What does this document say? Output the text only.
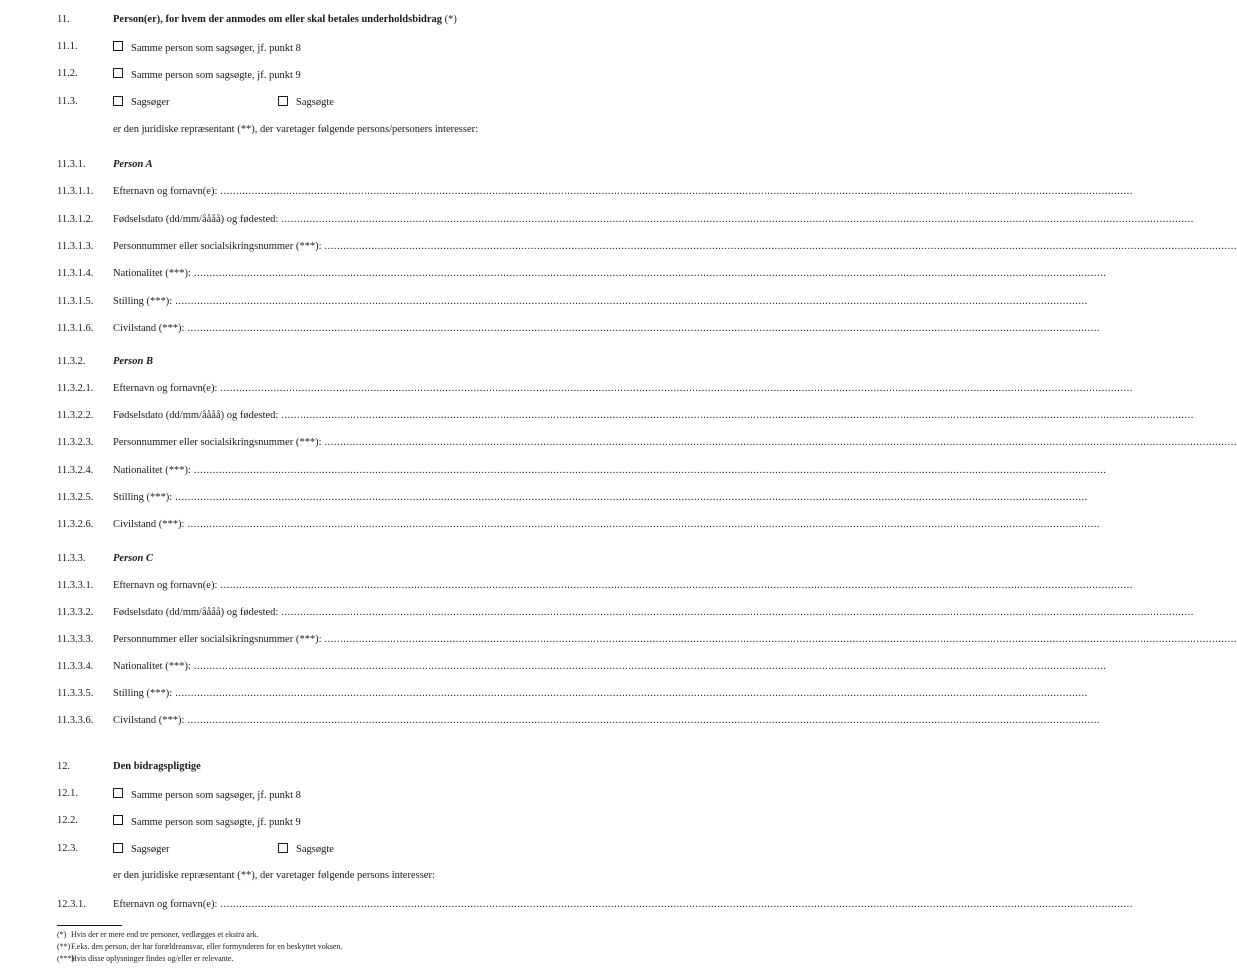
11.	Person(er), for hvem der anmodes om eller skal betales underholdsbidrag
(*)
11.1.	Samme person som sagsøger, jf. punkt 8
11.2.	Samme person som sagsøgte, jf. punkt 9
11.3.	Sagsøger	Sagsøgte
er den juridiske repræsentant (**), der varetager følgende persons/personers interesser:
11.3.1.	Person A
11.3.1.1. Efternavn og fornavn(e): ....................................................................................................................................................................................................................................................................................................
11.3.1.2. Fødselsdato (dd/mm/åååå) og fødested: ....................................................................................................................................................................................................................................................................................................
11.3.1.3. Personnummer eller socialsikringsnummer (***): ....................................................................................................................................................................................................................................................................................................
11.3.1.4. Nationalitet (***): ....................................................................................................................................................................................................................................................................................................
11.3.1.5. Stilling (***): ....................................................................................................................................................................................................................................................................................................
11.3.1.6. Civilstand (***): ....................................................................................................................................................................................................................................................................................................
11.3.2.	Person B
11.3.2.1. Efternavn og fornavn(e): ....................................................................................................................................................................................................................................................................................................
11.3.2.2. Fødselsdato (dd/mm/åååå) og fødested: ....................................................................................................................................................................................................................................................................................................
11.3.2.3. Personnummer eller socialsikringsnummer (***): ....................................................................................................................................................................................................................................................................................................
11.3.2.4. Nationalitet (***): ....................................................................................................................................................................................................................................................................................................
11.3.2.5. Stilling (***): ....................................................................................................................................................................................................................................................................................................
11.3.2.6. Civilstand (***): ....................................................................................................................................................................................................................................................................................................
11.3.3.	Person C
11.3.3.1. Efternavn og fornavn(e): ....................................................................................................................................................................................................................................................................................................
11.3.3.2. Fødselsdato (dd/mm/åååå) og fødested: ....................................................................................................................................................................................................................................................................................................
11.3.3.3. Personnummer eller socialsikringsnummer (***): ....................................................................................................................................................................................................................................................................................................
11.3.3.4. Nationalitet (***): ....................................................................................................................................................................................................................................................................................................
11.3.3.5. Stilling (***): ....................................................................................................................................................................................................................................................................................................
11.3.3.6. Civilstand (***): ....................................................................................................................................................................................................................................................................................................
12.	Den bidragspligtige
12.1.	Samme person som sagsøger, jf. punkt 8
12.2.	Samme person som sagsøgte, jf. punkt 9
12.3.	Sagsøger	Sagsøgte
er den juridiske repræsentant (**), der varetager følgende persons interesser:
12.3.1.	Efternavn og fornavn(e): ....................................................................................................................................................................................................................................................................................................
(*) Hvis der er mere end tre personer, vedlægges et ekstra ark.
(**)F.eks. den person, der har forældreansvar, eller formynderen for en beskyttet voksen.
(***)Hvis disse oplysninger findes og/eller er relevante.
